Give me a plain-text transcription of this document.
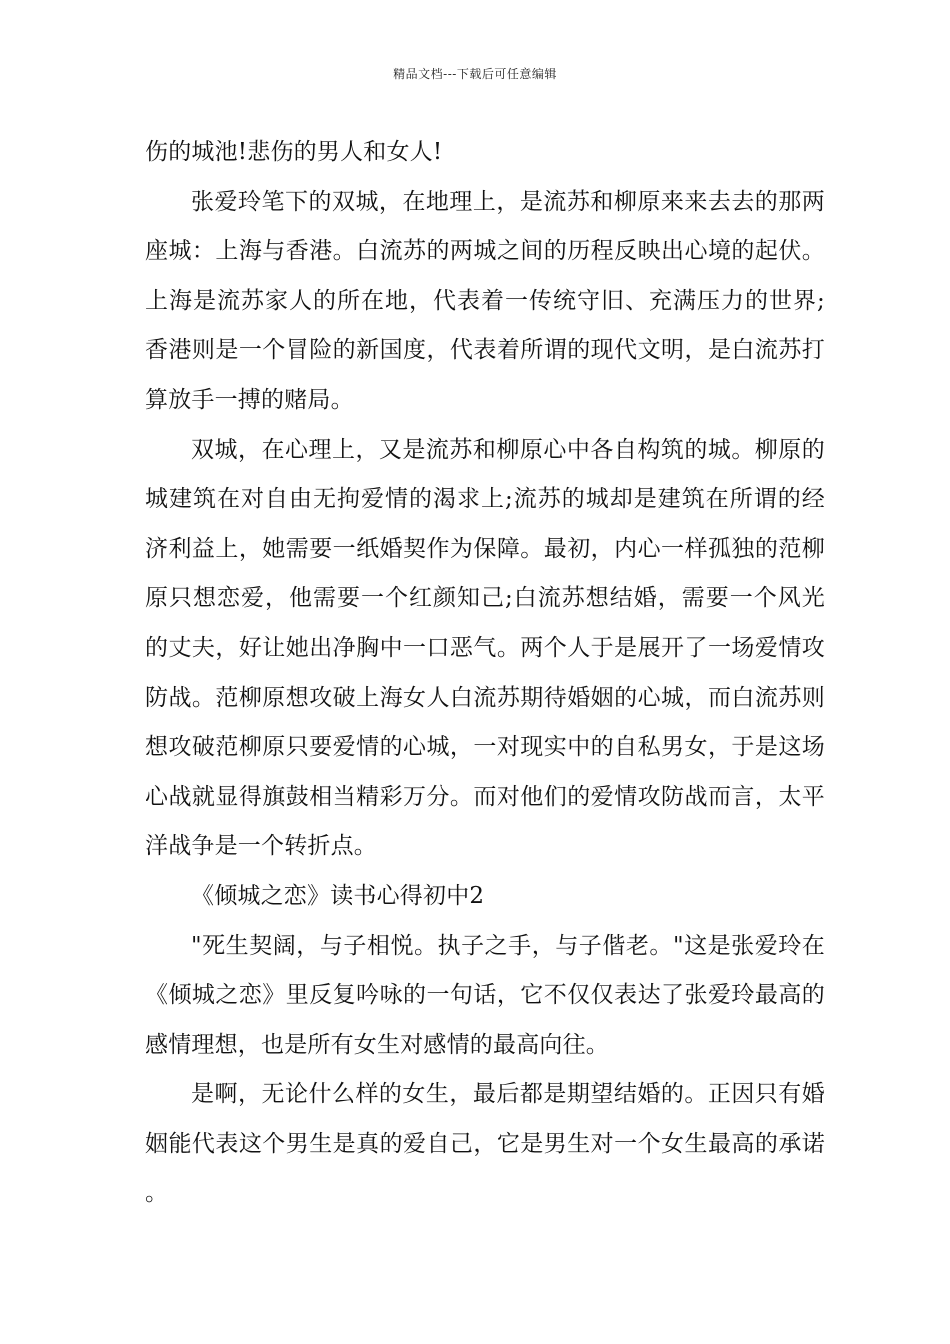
精品文档---下载后可任意编辑

伤的城池!悲伤的男人和女人!

张爱玲笔下的双城，在地理上，是流苏和柳原来来去去的那两座城：上海与香港。白流苏的两城之间的历程反映出心境的起伏。上海是流苏家人的所在地，代表着一传统守旧、充满压力的世界;香港则是一个冒险的新国度，代表着所谓的现代文明，是白流苏打算放手一搏的赌局。

双城，在心理上，又是流苏和柳原心中各自构筑的城。柳原的城建筑在对自由无拘爱情的渴求上;流苏的城却是建筑在所谓的经济利益上，她需要一纸婚契作为保障。最初，内心一样孤独的范柳原只想恋爱，他需要一个红颜知己;白流苏想结婚，需要一个风光的丈夫，好让她出净胸中一口恶气。两个人于是展开了一场爱情攻防战。范柳原想攻破上海女人白流苏期待婚姻的心城，而白流苏则想攻破范柳原只要爱情的心城，一对现实中的自私男女，于是这场心战就显得旗鼓相当精彩万分。而对他们的爱情攻防战而言，太平洋战争是一个转折点。

《倾城之恋》读书心得初中2

"死生契阔，与子相悦。执子之手，与子偕老。"这是张爱玲在《倾城之恋》里反复吟咏的一句话，它不仅仅表达了张爱玲最高的感情理想，也是所有女生对感情的最高向往。

是啊，无论什么样的女生，最后都是期望结婚的。正因只有婚姻能代表这个男生是真的爱自己，它是男生对一个女生最高的承诺。
